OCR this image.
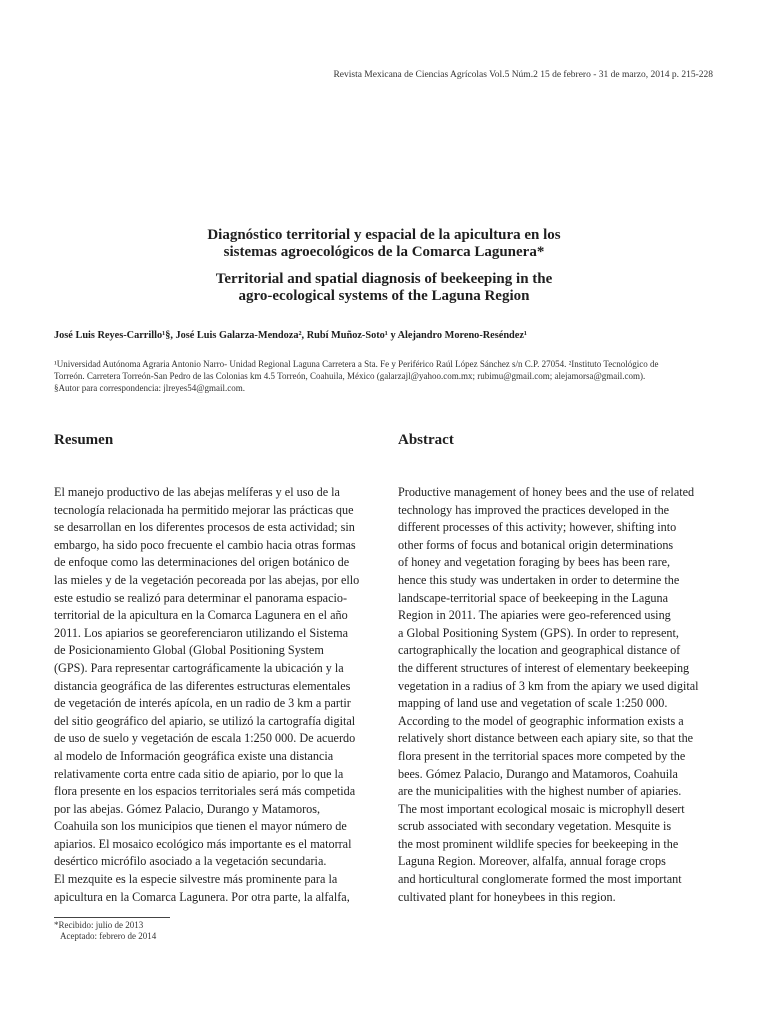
Revista Mexicana de Ciencias Agrícolas Vol.5 Núm.2 15 de febrero - 31 de marzo, 2014 p. 215-228
Diagnóstico territorial y espacial de la apicultura en los
sistemas agroecológicos de la Comarca Lagunera*
Territorial and spatial diagnosis of beekeeping in the
agro-ecological systems of the Laguna Region
José Luis Reyes-Carrillo¹§, José Luis Galarza-Mendoza², Rubí Muñoz-Soto¹ y Alejandro Moreno-Reséndez¹
¹Universidad Autónoma Agraria Antonio Narro- Unidad Regional Laguna Carretera a Sta. Fe y Periférico Raúl López Sánchez s/n C.P. 27054. ²Instituto Tecnológico de
Torreón. Carretera Torreón-San Pedro de las Colonias km 4.5 Torreón, Coahuila, México (galarzajl@yahoo.com.mx; rubimu@gmail.com; alejamorsa@gmail.com).
§Autor para correspondencia: jlreyes54@gmail.com.
Resumen
El manejo productivo de las abejas melíferas y el uso de la
tecnología relacionada ha permitido mejorar las prácticas que
se desarrollan en los diferentes procesos de esta actividad; sin
embargo, ha sido poco frecuente el cambio hacia otras formas
de enfoque como las determinaciones del origen botánico de
las mieles y de la vegetación pecoreada por las abejas, por ello
este estudio se realizó para determinar el panorama espacio-
territorial de la apicultura en la Comarca Lagunera en el año
2011. Los apiarios se georeferenciaron utilizando el Sistema
de Posicionamiento Global (Global Positioning System
(GPS). Para representar cartográficamente la ubicación y la
distancia geográfica de las diferentes estructuras elementales
de vegetación de interés apícola, en un radio de 3 km a partir
del sitio geográfico del apiario, se utilizó la cartografía digital
de uso de suelo y vegetación de escala 1:250 000. De acuerdo
al modelo de Información geográfica existe una distancia
relativamente corta entre cada sitio de apiario, por lo que la
flora presente en los espacios territoriales será más competida
por las abejas. Gómez Palacio, Durango y Matamoros,
Coahuila son los municipios que tienen el mayor número de
apiarios. El mosaico ecológico más importante es el matorral
desértico micrófilo asociado a la vegetación secundaria.
El mezquite es la especie silvestre más prominente para la
apicultura en la Comarca Lagunera. Por otra parte, la alfalfa,
Abstract
Productive management of honey bees and the use of related
technology has improved the practices developed in the
different processes of this activity; however, shifting into
other forms of focus and botanical origin determinations
of honey and vegetation foraging by bees has been rare,
hence this study was undertaken in order to determine the
landscape-territorial space of beekeeping in the Laguna
Region in 2011. The apiaries were geo-referenced using
a Global Positioning System (GPS). In order to represent,
cartographically the location and geographical distance of
the different structures of interest of elementary beekeeping
vegetation in a radius of 3 km from the apiary we used digital
mapping of land use and vegetation of scale 1:250 000.
According to the model of geographic information exists a
relatively short distance between each apiary site, so that the
flora present in the territorial spaces more competed by the
bees. Gómez Palacio, Durango and Matamoros, Coahuila
are the municipalities with the highest number of apiaries.
The most important ecological mosaic is microphyll desert
scrub associated with secondary vegetation. Mesquite is
the most prominent wildlife species for beekeeping in the
Laguna Region. Moreover, alfalfa, annual forage crops
and horticultural conglomerate formed the most important
cultivated plant for honeybees in this region.
*Recibido: julio de 2013
Aceptado: febrero de 2014
